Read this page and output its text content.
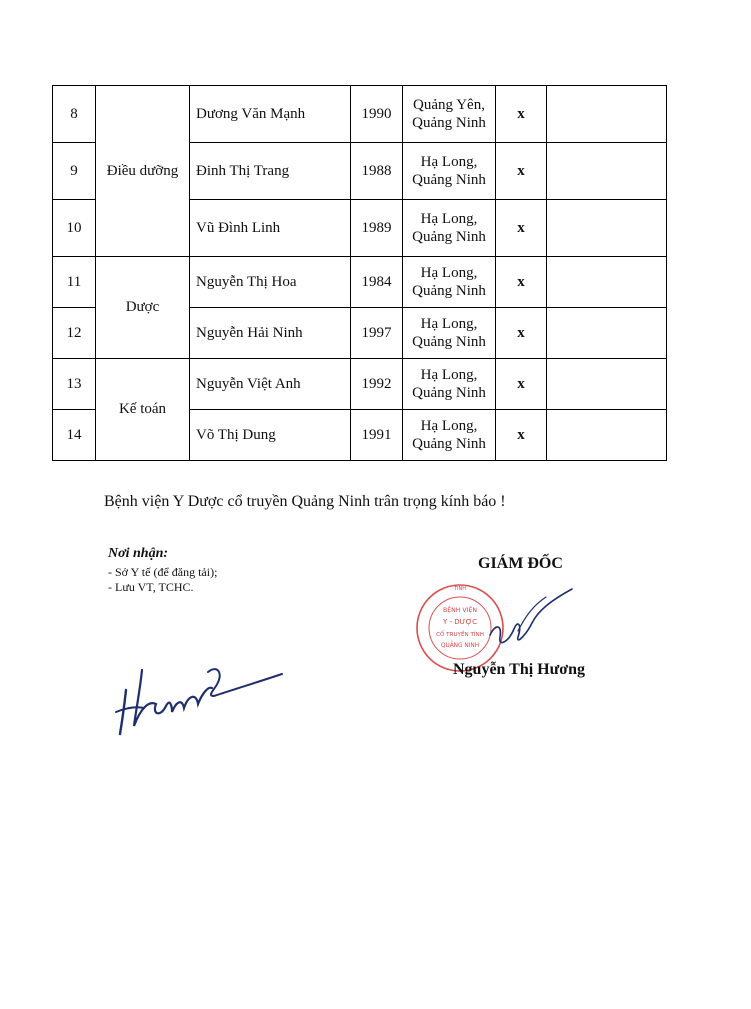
8	Điều dưỡng	Dương Văn Mạnh	1990	Quảng Yên,
Quảng Ninh	x	
9		Đinh Thị Trang	1988	Hạ Long,
Quảng Ninh	x	
10		Vũ Đình Linh	1989	Hạ Long,
Quảng Ninh	x	
11	Dược	Nguyễn Thị Hoa	1984	Hạ Long,
Quảng Ninh	x	
12		Nguyễn Hải Ninh	1997	Hạ Long,
Quảng Ninh	x	
13	Kế toán	Nguyễn Việt Anh	1992	Hạ Long,
Quảng Ninh	x	
14		Võ Thị Dung	1991	Hạ Long,
Quảng Ninh	x	
Bệnh viện Y Dược cổ truyền Quảng Ninh trân trọng kính báo !
Nơi nhận:
- Sở Y tế (để đăng tải);
- Lưu VT, TCHC.
GIÁM ĐỐC
TỈNH
BỆNH VIỆN
Y - DƯỢC
CỔ TRUYỀN TỈNH
QUẢNG NINH
Nguyễn Thị Hương
